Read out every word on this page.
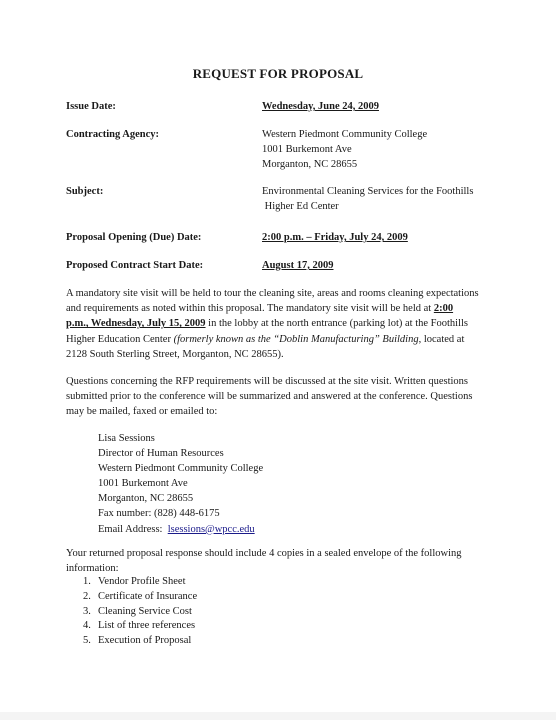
REQUEST FOR PROPOSAL
Issue Date:	Wednesday, June 24, 2009
Contracting Agency:	Western Piedmont Community College
1001 Burkemont Ave
Morganton, NC 28655
Subject:	Environmental Cleaning Services for the Foothills
Higher Ed Center
Proposal Opening (Due) Date:	2:00 p.m. – Friday, July 24, 2009
Proposed Contract Start Date:	August 17, 2009
A mandatory site visit will be held to tour the cleaning site, areas and rooms cleaning expectations
and requirements as noted within this proposal. The mandatory site visit will be held at 2:00
p.m., Wednesday, July 15, 2009 in the lobby at the north entrance (parking lot) at the Foothills
Higher Education Center (formerly known as the “Doblin Manufacturing” Building, located at
2128 South Sterling Street, Morganton, NC 28655).
Questions concerning the RFP requirements will be discussed at the site visit. Written questions
submitted prior to the conference will be summarized and answered at the conference. Questions
may be mailed, faxed or emailed to:
Lisa Sessions
Director of Human Resources
Western Piedmont Community College
1001 Burkemont Ave
Morganton, NC 28655
Fax number: (828) 448-6175
Email Address:  lsessions@wpcc.edu
Your returned proposal response should include 4 copies in a sealed envelope of the following
information:
1. Vendor Profile Sheet
2. Certificate of Insurance
3. Cleaning Service Cost
4. List of three references
5. Execution of Proposal
